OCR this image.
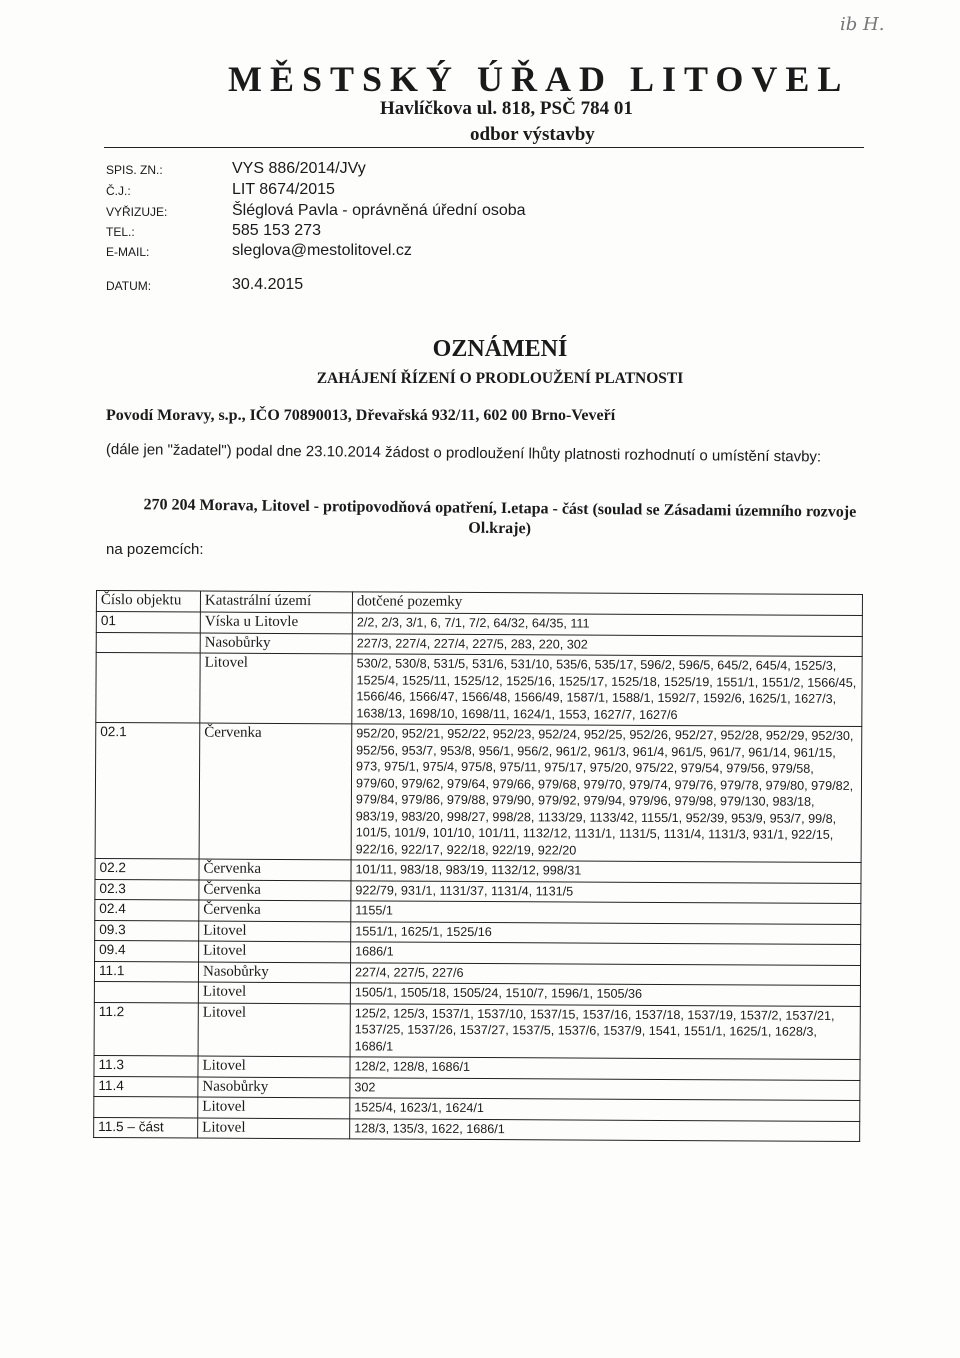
ib H.
MĚSTSKÝ ÚŘAD LITOVEL
Havlíčkova ul. 818, PSČ 784 01
odbor výstavby
SPIS. ZN.:	VYS 886/2014/JVy
Č.J.:	LIT 8674/2015
VYŘIZUJE:	Šléglová Pavla - oprávněná úřední osoba
TEL.:	585 153 273
E-MAIL:	sleglova@mestolitovel.cz
DATUM:	30.4.2015
OZNÁMENÍ
ZAHÁJENÍ ŘÍZENÍ O PRODLOUŽENÍ PLATNOSTI
Povodí Moravy, s.p., IČO 70890013, Dřevařská 932/11, 602 00 Brno-Veveří
(dále jen "žadatel") podal dne 23.10.2014 žádost o prodloužení lhůty platnosti rozhodnutí o umístění stavby:
270 204 Morava, Litovel - protipovodňová opatření, I.etapa - část (soulad se Zásadami územního rozvoje Ol.kraje)
na pozemcích:
Číslo objektu	Katastrální území	dotčené pozemky
01	Víska u Litovle	2/2, 2/3, 3/1, 6, 7/1, 7/2, 64/32, 64/35, 111
	Nasobůrky	227/3, 227/4, 227/4, 227/5, 283, 220, 302
	Litovel	530/2, 530/8, 531/5, 531/6, 531/10, 535/6, 535/17, 596/2, 596/5, 645/2, 645/4, 1525/3, 1525/4, 1525/11, 1525/12, 1525/16, 1525/17, 1525/18, 1525/19, 1551/1, 1551/2, 1566/45, 1566/46, 1566/47, 1566/48, 1566/49, 1587/1, 1588/1, 1592/7, 1592/6, 1625/1, 1627/3, 1638/13, 1698/10, 1698/11, 1624/1, 1553, 1627/7, 1627/6
02.1	Červenka	952/20, 952/21, 952/22, 952/23, 952/24, 952/25, 952/26, 952/27, 952/28, 952/29, 952/30, 952/56, 953/7, 953/8, 956/1, 956/2, 961/2, 961/3, 961/4, 961/5, 961/7, 961/14, 961/15, 973, 975/1, 975/4, 975/8, 975/11, 975/17, 975/20, 975/22, 979/54, 979/56, 979/58, 979/60, 979/62, 979/64, 979/66, 979/68, 979/70, 979/74, 979/76, 979/78, 979/80, 979/82, 979/84, 979/86, 979/88, 979/90, 979/92, 979/94, 979/96, 979/98, 979/130, 983/18, 983/19, 983/20, 998/27, 998/28, 1133/29, 1133/42, 1155/1, 952/39, 953/9, 953/7, 99/8, 101/5, 101/9, 101/10, 101/11, 1132/12, 1131/1, 1131/5, 1131/4, 1131/3, 931/1, 922/15, 922/16, 922/17, 922/18, 922/19, 922/20
02.2	Červenka	101/11, 983/18, 983/19, 1132/12, 998/31
02.3	Červenka	922/79, 931/1, 1131/37, 1131/4, 1131/5
02.4	Červenka	1155/1
09.3	Litovel	1551/1, 1625/1, 1525/16
09.4	Litovel	1686/1
11.1	Nasobůrky	227/4, 227/5, 227/6
	Litovel	1505/1, 1505/18, 1505/24, 1510/7, 1596/1, 1505/36
11.2	Litovel	125/2, 125/3, 1537/1, 1537/10, 1537/15, 1537/16, 1537/18, 1537/19, 1537/2, 1537/21, 1537/25, 1537/26, 1537/27, 1537/5, 1537/6, 1537/9, 1541, 1551/1, 1625/1, 1628/3, 1686/1
11.3	Litovel	128/2, 128/8, 1686/1
11.4	Nasobůrky	302
	Litovel	1525/4, 1623/1, 1624/1
11.5 – část	Litovel	128/3, 135/3, 1622, 1686/1
